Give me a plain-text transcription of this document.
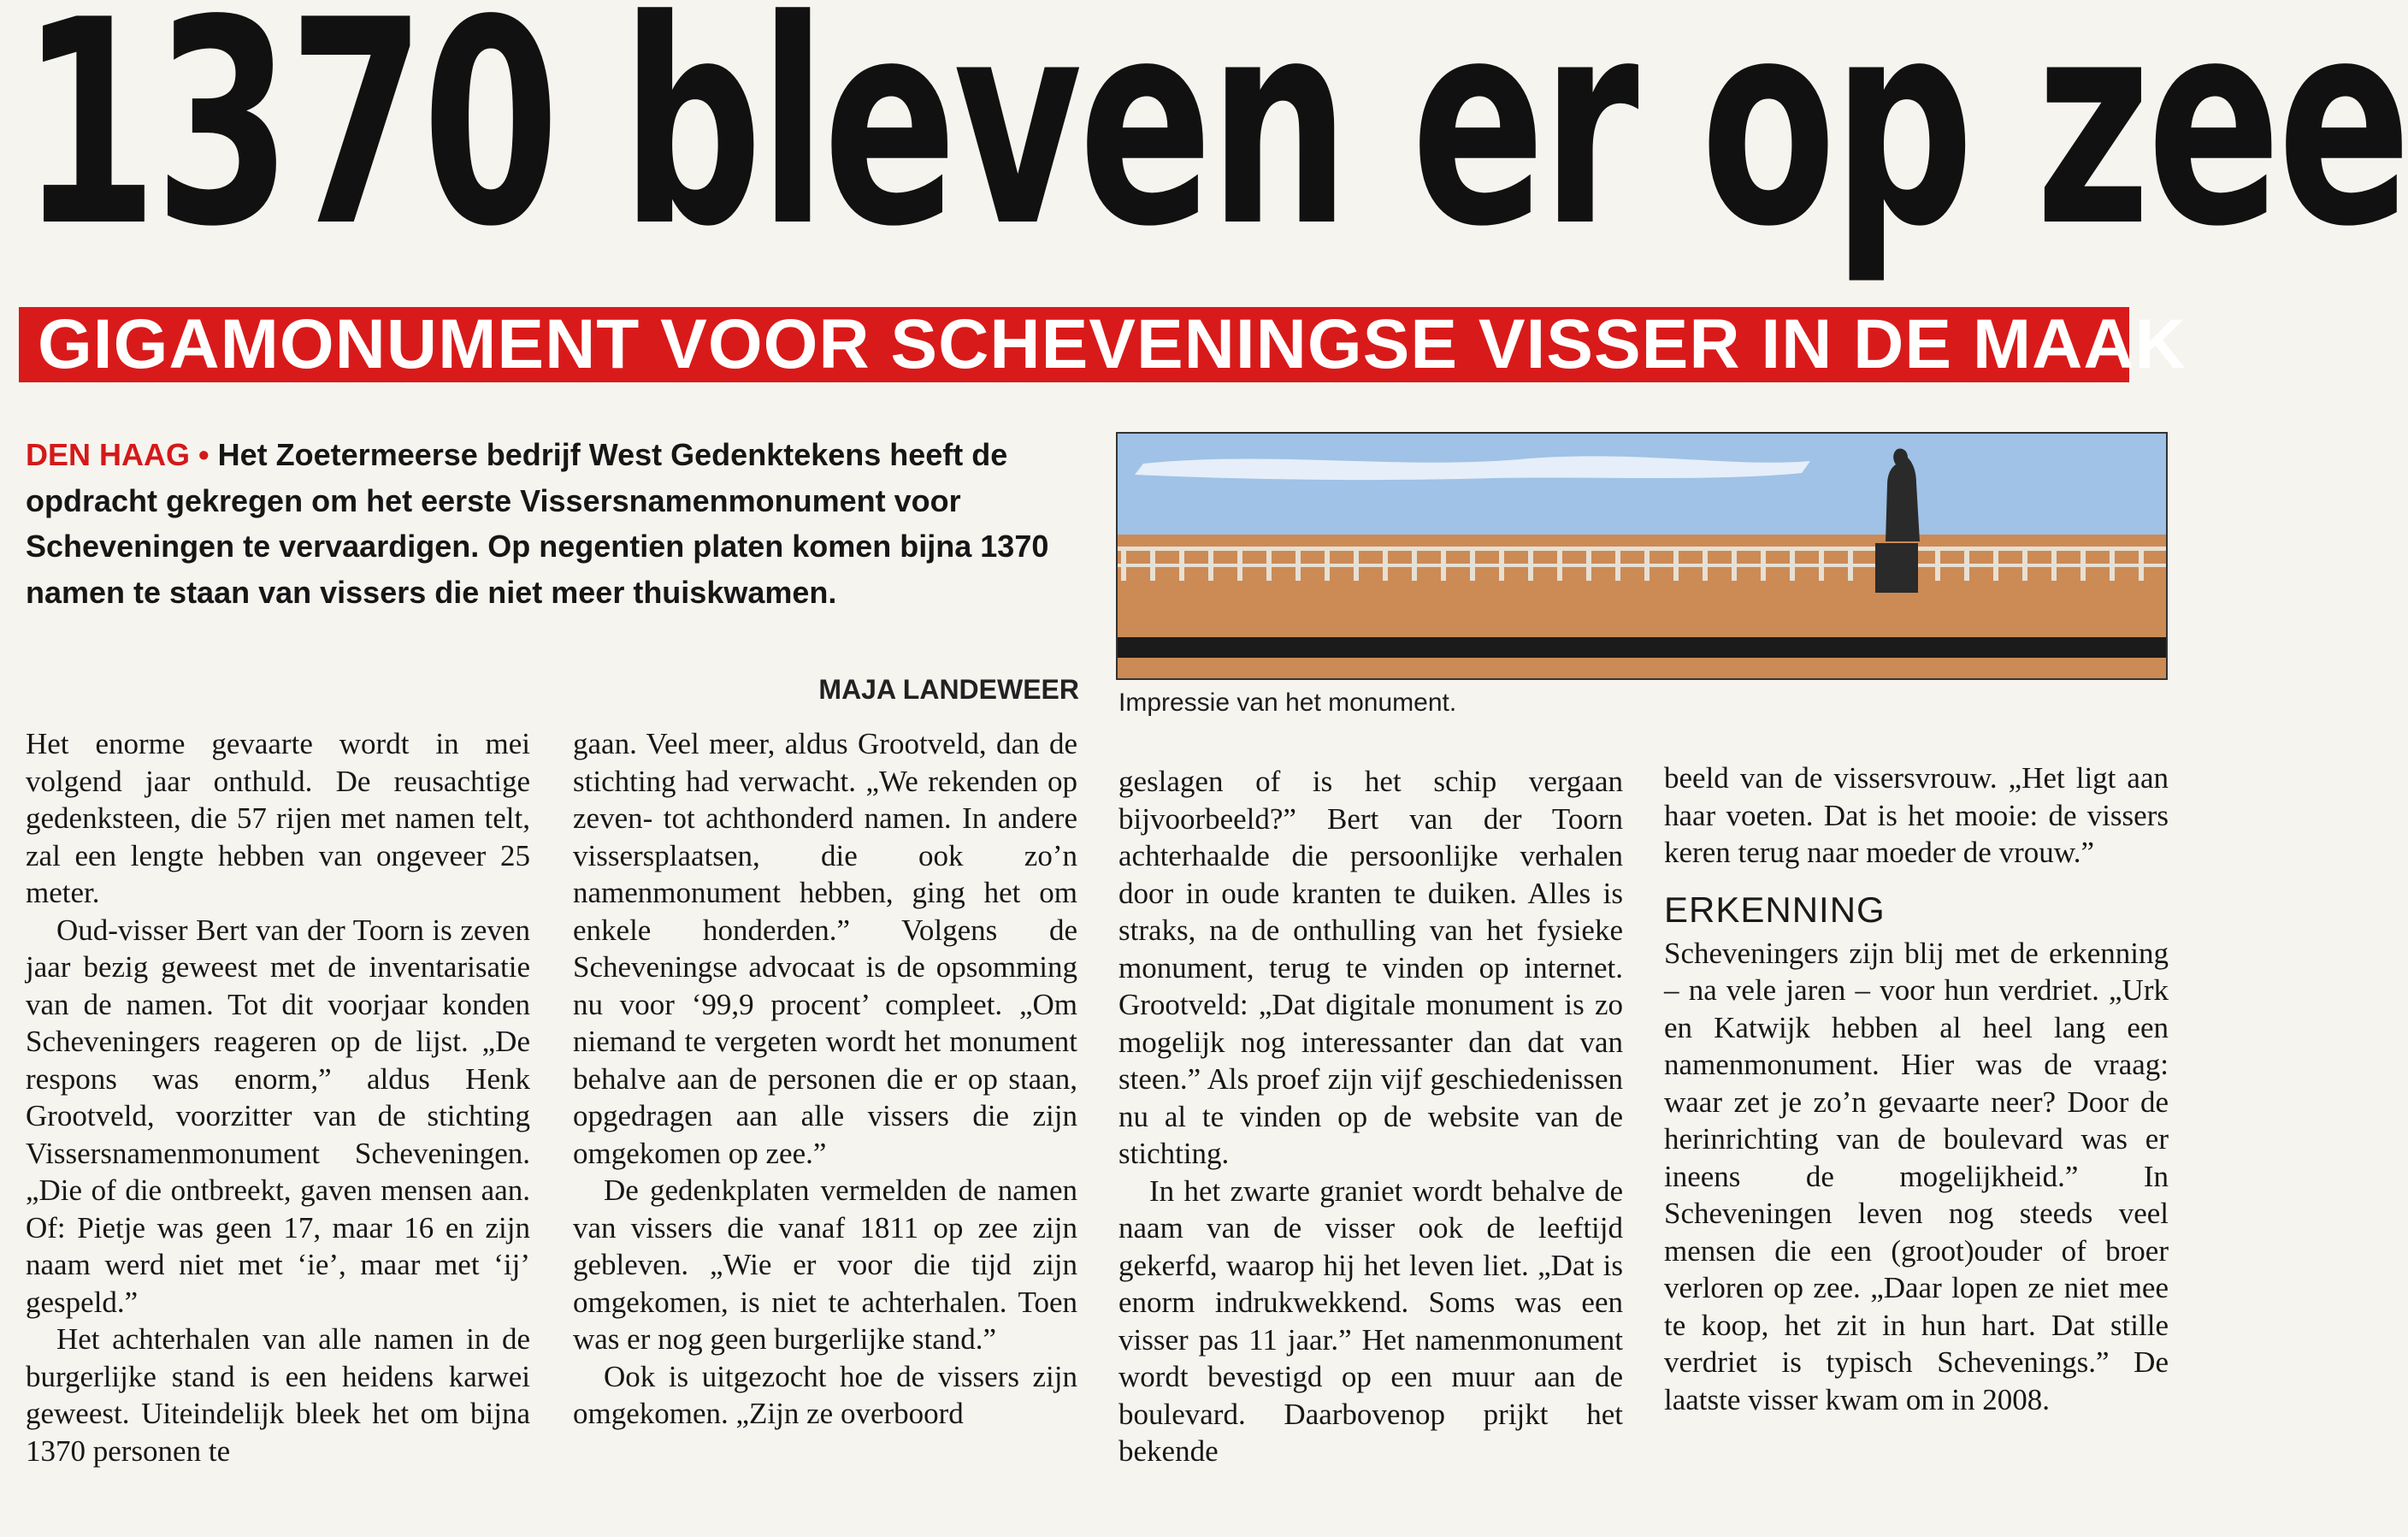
1370 bleven er op zee
GIGAMONUMENT VOOR SCHEVENINGSE VISSER IN DE MAAK

DEN HAAG • Het Zoetermeerse bedrijf West Gedenktekens heeft de opdracht gekregen om het eerste Vissersnamenmonument voor Scheveningen te vervaardigen. Op negentien platen komen bijna 1370 namen te staan van vissers die niet meer thuiskwamen.

MAJA LANDEWEER Impressie van het monument.

Het enorme gevaarte wordt in mei volgend jaar onthuld. De reusachtige gedenksteen, die 57 rijen met namen telt, zal een lengte hebben van ongeveer 25 meter.

Oud-visser Bert van der Toorn is zeven jaar bezig geweest met de inventarisatie van de namen. Tot dit voorjaar konden Scheveningers reageren op de lijst. „De respons was enorm,” aldus Henk Grootveld, voorzitter van de stichting Vissersnamenmonument Scheveningen. „Die of die ontbreekt, gaven mensen aan. Of: Pietje was geen 17, maar 16 en zijn naam werd niet met ‘ie’, maar met ‘ij’ gespeld.”

Het achterhalen van alle namen in de burgerlijke stand is een heidens karwei geweest. Uiteindelijk bleek het om bijna 1370 personen te

gaan. Veel meer, aldus Grootveld, dan de stichting had verwacht. „We rekenden op zeven- tot achthonderd namen. In andere vissersplaatsen, die ook zo’n namenmonument hebben, ging het om enkele honderden.” Volgens de Scheveningse advocaat is de opsomming nu voor ‘99,9 procent’ compleet. „Om niemand te vergeten wordt het monument behalve aan de personen die er op staan, opgedragen aan alle vissers die zijn omgekomen op zee.”

De gedenkplaten vermelden de namen van vissers die vanaf 1811 op zee zijn gebleven. „Wie er voor die tijd zijn omgekomen, is niet te achterhalen. Toen was er nog geen burgerlijke stand.”

Ook is uitgezocht hoe de vissers zijn omgekomen. „Zijn ze overboord

geslagen of is het schip vergaan bijvoorbeeld?” Bert van der Toorn achterhaalde die persoonlijke verhalen door in oude kranten te duiken. Alles is straks, na de onthulling van het fysieke monument, terug te vinden op internet. Grootveld: „Dat digitale monument is zo mogelijk nog interessanter dan dat van steen.” Als proef zijn vijf geschiedenissen nu al te vinden op de website van de stichting.

In het zwarte graniet wordt behalve de naam van de visser ook de leeftijd gekerfd, waarop hij het leven liet. „Dat is enorm indrukwekkend. Soms was een visser pas 11 jaar.” Het namenmonument wordt bevestigd op een muur aan de boulevard. Daarbovenop prijkt het bekende

beeld van de vissersvrouw. „Het ligt aan haar voeten. Dat is het mooie: de vissers keren terug naar moeder de vrouw.”

ERKENNING

Scheveningers zijn blij met de erkenning – na vele jaren – voor hun verdriet. „Urk en Katwijk hebben al heel lang een namenmonument. Hier was de vraag: waar zet je zo’n gevaarte neer? Door de herinrichting van de boulevard was er ineens de mogelijkheid.” In Scheveningen leven nog steeds veel mensen die een (groot)ouder of broer verloren op zee. „Daar lopen ze niet mee te koop, het zit in hun hart. Dat stille verdriet is typisch Schevenings.” De laatste visser kwam om in 2008.
